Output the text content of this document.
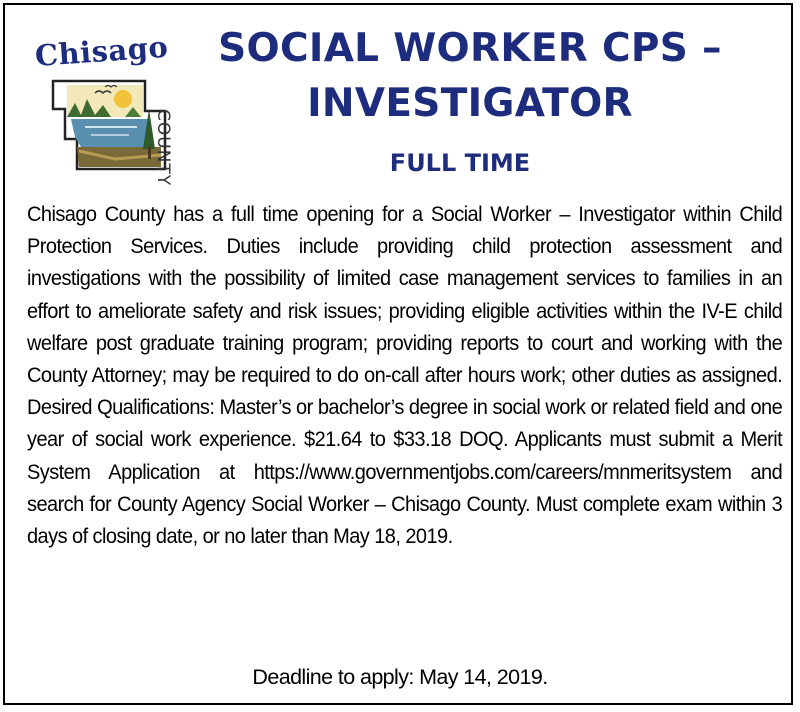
Chisago
COUNTY
SOCIAL WORKER CPS –
INVESTIGATOR
FULL TIME
Chisago County has a full time opening for a Social Worker – Investigator within Child Protection Services. Duties include providing child protection assessment and investigations with the possibility of limited case management services to families in an effort to ameliorate safety and risk issues; providing eligible activities within the IV-E child welfare post graduate training program; providing reports to court and working with the County Attorney; may be required to do on-call after hours work; other duties as assigned. Desired Qualifications: Master’s or bachelor’s degree in social work or related field and one year of social work experience. $21.64 to $33.18 DOQ. Applicants must submit a Merit System Application at https://www.governmentjobs.com/careers/mnmeritsystem and search for County Agency Social Worker – Chisago County. Must complete exam within 3 days of closing date, or no later than May 18, 2019.
Deadline to apply: May 14, 2019.
